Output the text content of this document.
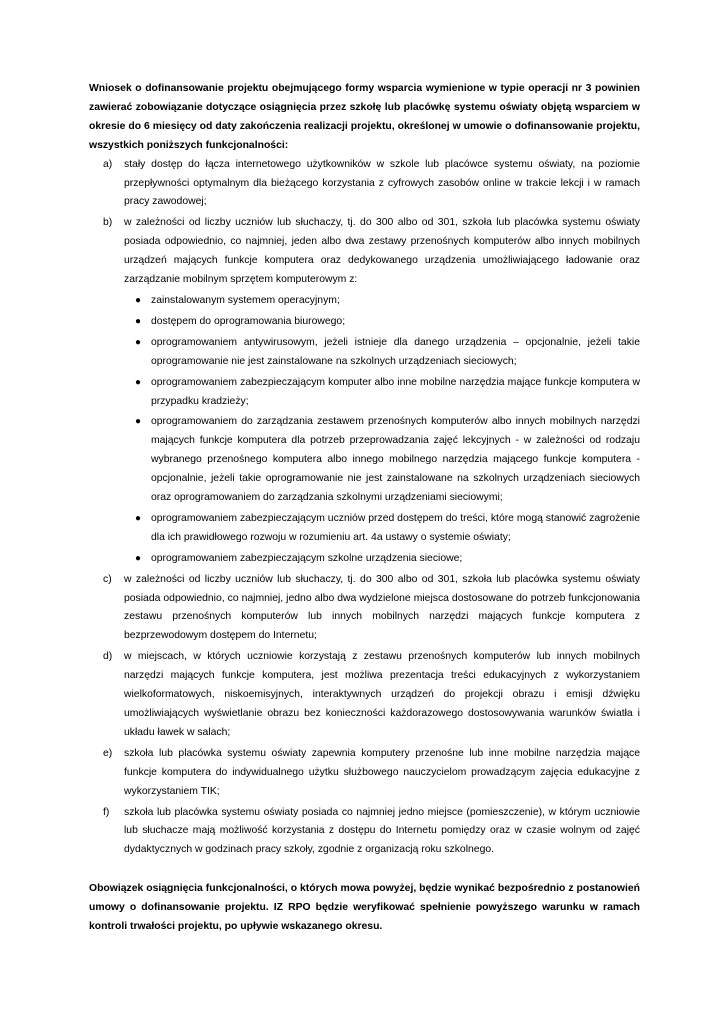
Wniosek o dofinansowanie projektu obejmującego formy wsparcia wymienione w typie operacji nr 3 powinien zawierać zobowiązanie dotyczące osiągnięcia przez szkołę lub placówkę systemu oświaty objętą wsparciem w okresie do 6 miesięcy od daty zakończenia realizacji projektu, określonej w umowie o dofinansowanie projektu, wszystkich poniższych funkcjonalności:

a) stały dostęp do łącza internetowego użytkowników w szkole lub placówce systemu oświaty, na poziomie przepływności optymalnym dla bieżącego korzystania z cyfrowych zasobów online w trakcie lekcji i w ramach pracy zawodowej;
b) w zależności od liczby uczniów lub słuchaczy, tj. do 300 albo od 301, szkoła lub placówka systemu oświaty posiada odpowiednio, co najmniej, jeden albo dwa zestawy przenośnych komputerów albo innych mobilnych urządzeń mających funkcje komputera oraz dedykowanego urządzenia umożliwiającego ładowanie oraz zarządzanie mobilnym sprzętem komputerowym z:
● zainstalowanym systemem operacyjnym;
● dostępem do oprogramowania biurowego;
● oprogramowaniem antywirusowym, jeżeli istnieje dla danego urządzenia – opcjonalnie, jeżeli takie oprogramowanie nie jest zainstalowane na szkolnych urządzeniach sieciowych;
● oprogramowaniem zabezpieczającym komputer albo inne mobilne narzędzia mające funkcje komputera w przypadku kradzieży;
● oprogramowaniem do zarządzania zestawem przenośnych komputerów albo innych mobilnych narzędzi mających funkcje komputera dla potrzeb przeprowadzania zajęć lekcyjnych - w zależności od rodzaju wybranego przenośnego komputera albo innego mobilnego narzędzia mającego funkcje komputera - opcjonalnie, jeżeli takie oprogramowanie nie jest zainstalowane na szkolnych urządzeniach sieciowych oraz oprogramowaniem do zarządzania szkolnymi urządzeniami sieciowymi;
● oprogramowaniem zabezpieczającym uczniów przed dostępem do treści, które mogą stanowić zagrożenie dla ich prawidłowego rozwoju w rozumieniu art. 4a ustawy o systemie oświaty;
● oprogramowaniem zabezpieczającym szkolne urządzenia sieciowe;
c) w zależności od liczby uczniów lub słuchaczy, tj. do 300 albo od 301, szkoła lub placówka systemu oświaty posiada odpowiednio, co najmniej, jedno albo dwa wydzielone miejsca dostosowane do potrzeb funkcjonowania zestawu przenośnych komputerów lub innych mobilnych narzędzi mających funkcje komputera z bezprzewodowym dostępem do Internetu;
d) w miejscach, w których uczniowie korzystają z zestawu przenośnych komputerów lub innych mobilnych narzędzi mających funkcje komputera, jest możliwa prezentacja treści edukacyjnych z wykorzystaniem wielkoformatowych, niskoemisyjnych, interaktywnych urządzeń do projekcji obrazu i emisji dźwięku umożliwiających wyświetlanie obrazu bez konieczności każdorazowego dostosowywania warunków światła i układu ławek w salach;
e) szkoła lub placówka systemu oświaty zapewnia komputery przenośne lub inne mobilne narzędzia mające funkcje komputera do indywidualnego użytku służbowego nauczycielom prowadzącym zajęcia edukacyjne z wykorzystaniem TIK;
f) szkoła lub placówka systemu oświaty posiada co najmniej jedno miejsce (pomieszczenie), w którym uczniowie lub słuchacze mają możliwość korzystania z dostępu do Internetu pomiędzy oraz w czasie wolnym od zajęć dydaktycznych w godzinach pracy szkoły, zgodnie z organizacją roku szkolnego.

Obowiązek osiągnięcia funkcjonalności, o których mowa powyżej, będzie wynikać bezpośrednio z postanowień umowy o dofinansowanie projektu. IZ RPO będzie weryfikować spełnienie powyższego warunku w ramach kontroli trwałości projektu, po upływie wskazanego okresu.
